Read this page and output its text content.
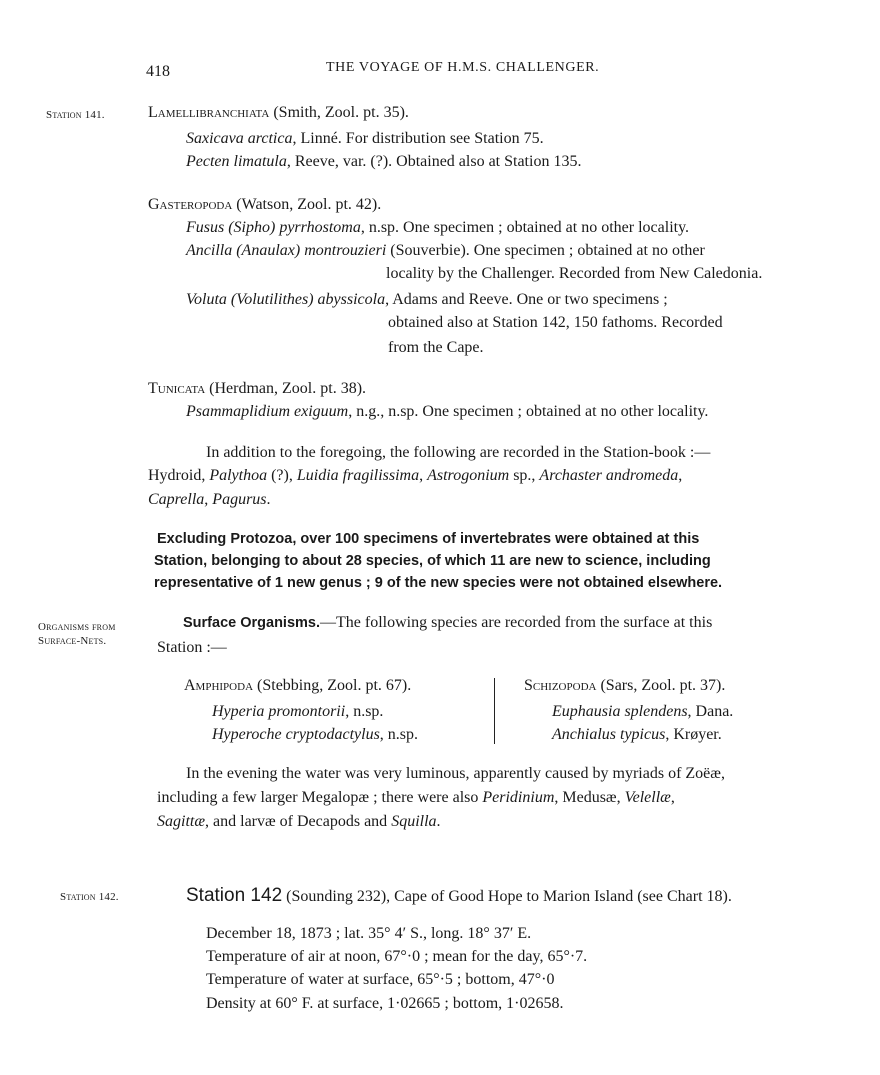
418	THE VOYAGE OF H.M.S. CHALLENGER.
Station 141.
Organisms from
Surface-Nets.
Station 142.
Lamellibranchiata (Smith, Zool. pt. 35).
Saxicava arctica, Linné. For distribution see Station 75.
Pecten limatula, Reeve, var. (?). Obtained also at Station 135.
Gasteropoda (Watson, Zool. pt. 42).
Fusus (Sipho) pyrrhostoma, n.sp. One specimen ; obtained at no other locality.
Ancilla (Anaulax) montrouzieri (Souverbie). One specimen ; obtained at no other
locality by the Challenger. Recorded from New Caledonia.
Voluta (Volutilithes) abyssicola, Adams and Reeve. One or two specimens ;
obtained also at Station 142, 150 fathoms. Recorded
from the Cape.
Tunicata (Herdman, Zool. pt. 38).
Psammaplidium exiguum, n.g., n.sp. One specimen ; obtained at no other locality.
In addition to the foregoing, the following are recorded in the Station-book :—
Hydroid, Palythoa (?), Luidia fragilissima, Astrogonium sp., Archaster andromeda,
Caprella, Pagurus.
Excluding Protozoa, over 100 specimens of invertebrates were obtained at this
Station, belonging to about 28 species, of which 11 are new to science, including
representative of 1 new genus ; 9 of the new species were not obtained elsewhere.
Surface Organisms.—The following species are recorded from the surface at this
Station :—
Amphipoda (Stebbing, Zool. pt. 67).
Hyperia promontorii, n.sp.
Hyperoche cryptodactylus, n.sp.
Schizopoda (Sars, Zool. pt. 37).
Euphausia splendens, Dana.
Anchialus typicus, Krøyer.
In the evening the water was very luminous, apparently caused by myriads of Zoëæ,
including a few larger Megalopæ ; there were also Peridinium, Medusæ, Velellæ,
Sagittæ, and larvæ of Decapods and Squilla.
Station 142 (Sounding 232), Cape of Good Hope to Marion Island (see Chart 18).
December 18, 1873 ; lat. 35° 4′ S., long. 18° 37′ E.
Temperature of air at noon, 67°·0 ; mean for the day, 65°·7.
Temperature of water at surface, 65°·5 ; bottom, 47°·0
Density at 60° F. at surface, 1·02665 ; bottom, 1·02658.
